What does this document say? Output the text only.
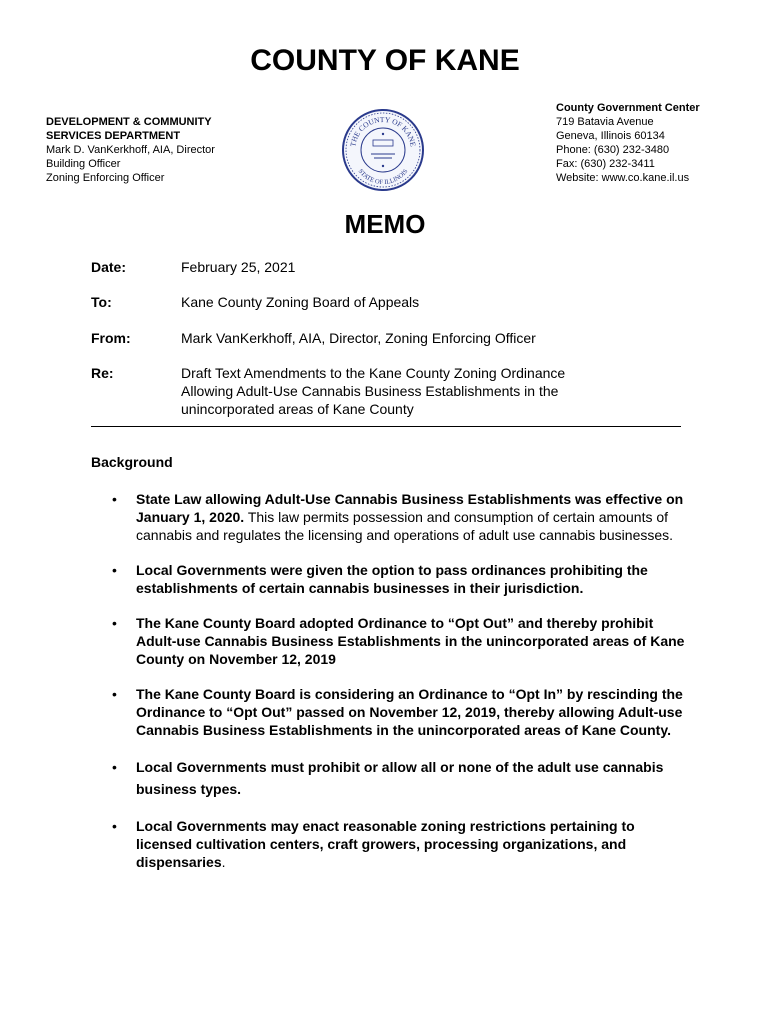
COUNTY OF KANE
DEVELOPMENT & COMMUNITY
SERVICES DEPARTMENT
Mark D. VanKerkhoff, AIA, Director
Building Officer
Zoning Enforcing Officer
THE COUNTY OF KANE
STATE OF ILLINOIS
County Government Center
719 Batavia Avenue
Geneva, Illinois 60134
Phone: (630) 232-3480
Fax: (630) 232-3411
Website: www.co.kane.il.us
MEMO
Date:	February 25, 2021
To:	Kane County Zoning Board of Appeals
From:	Mark VanKerkhoff, AIA, Director, Zoning Enforcing Officer
Re:	Draft Text Amendments to the Kane County Zoning Ordinance
Allowing Adult-Use Cannabis Business Establishments in the
unincorporated areas of Kane County
Background
• State Law allowing Adult-Use Cannabis Business Establishments was effective on January 1, 2020. This law permits possession and consumption of certain amounts of cannabis and regulates the licensing and operations of adult use cannabis businesses.
• Local Governments were given the option to pass ordinances prohibiting the establishments of certain cannabis businesses in their jurisdiction.
• The Kane County Board adopted Ordinance to “Opt Out” and thereby prohibit Adult-use Cannabis Business Establishments in the unincorporated areas of Kane County on November 12, 2019
• The Kane County Board is considering an Ordinance to “Opt In” by rescinding the Ordinance to “Opt Out” passed on November 12, 2019, thereby allowing Adult-use Cannabis Business Establishments in the unincorporated areas of Kane County.
• Local Governments must prohibit or allow all or none of the adult use cannabis business types.
• Local Governments may enact reasonable zoning restrictions pertaining to licensed cultivation centers, craft growers, processing organizations, and dispensaries.
